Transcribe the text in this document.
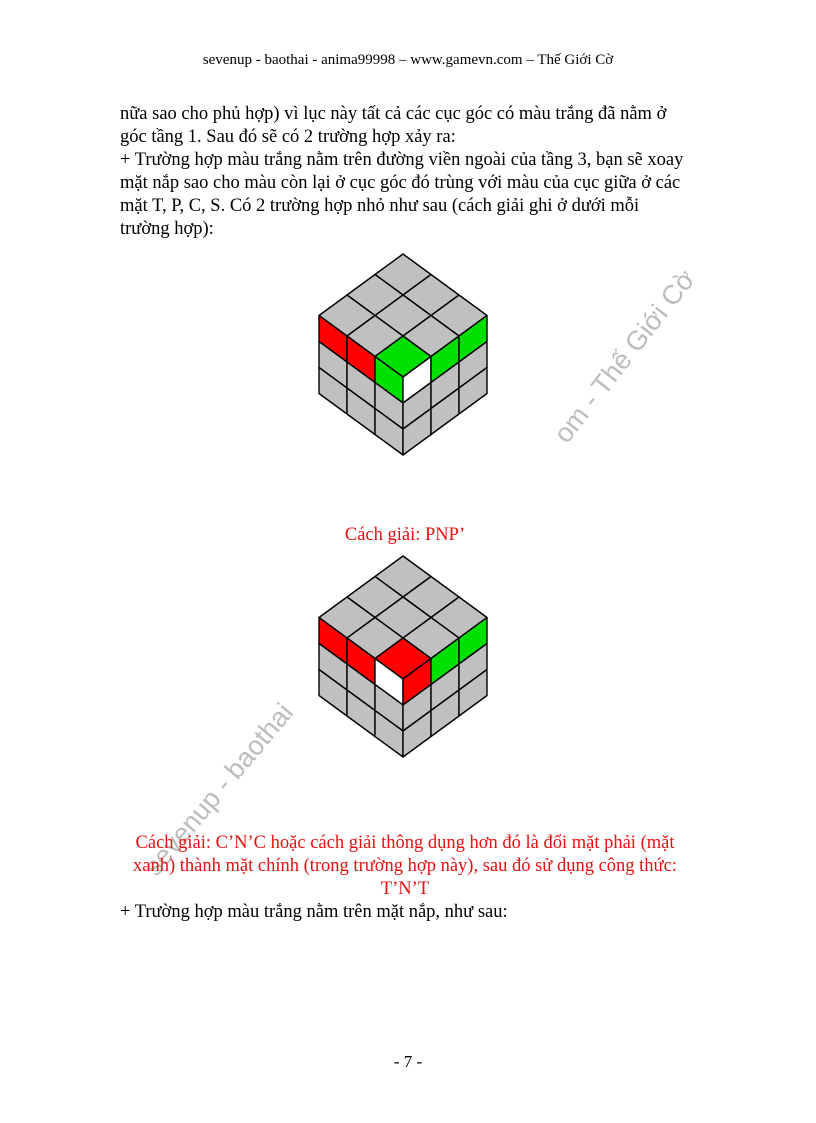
sevenup - baothai - anima99998 – www.gamevn.com – Thế Giới Cờ
nữa sao cho phủ hợp) vì lục này tất cả các cục góc có màu trắng đã nằm ở
góc tầng 1. Sau đó sẽ có 2 trường hợp xảy ra:
+ Trường hợp màu trắng nằm trên đường viền ngoài của tầng 3, bạn sẽ xoay
mặt nắp sao cho màu còn lại ở cục góc đó trùng với màu của cục giữa ở các
mặt T, P, C, S. Có 2 trường hợp nhỏ như sau (cách giải ghi ở dưới mỗi
trường hợp):
om - Thế Giới Cờ
Cách giải: PNP’
sevenup - baothai
Cách giải: C’N’C hoặc cách giải thông dụng hơn đó là đổi mặt phải (mặt
xanh) thành mặt chính (trong trường hợp này), sau đó sử dụng công thức:
T’N’T
+ Trường hợp màu trắng nằm trên mặt nắp, như sau:
- 7 -
